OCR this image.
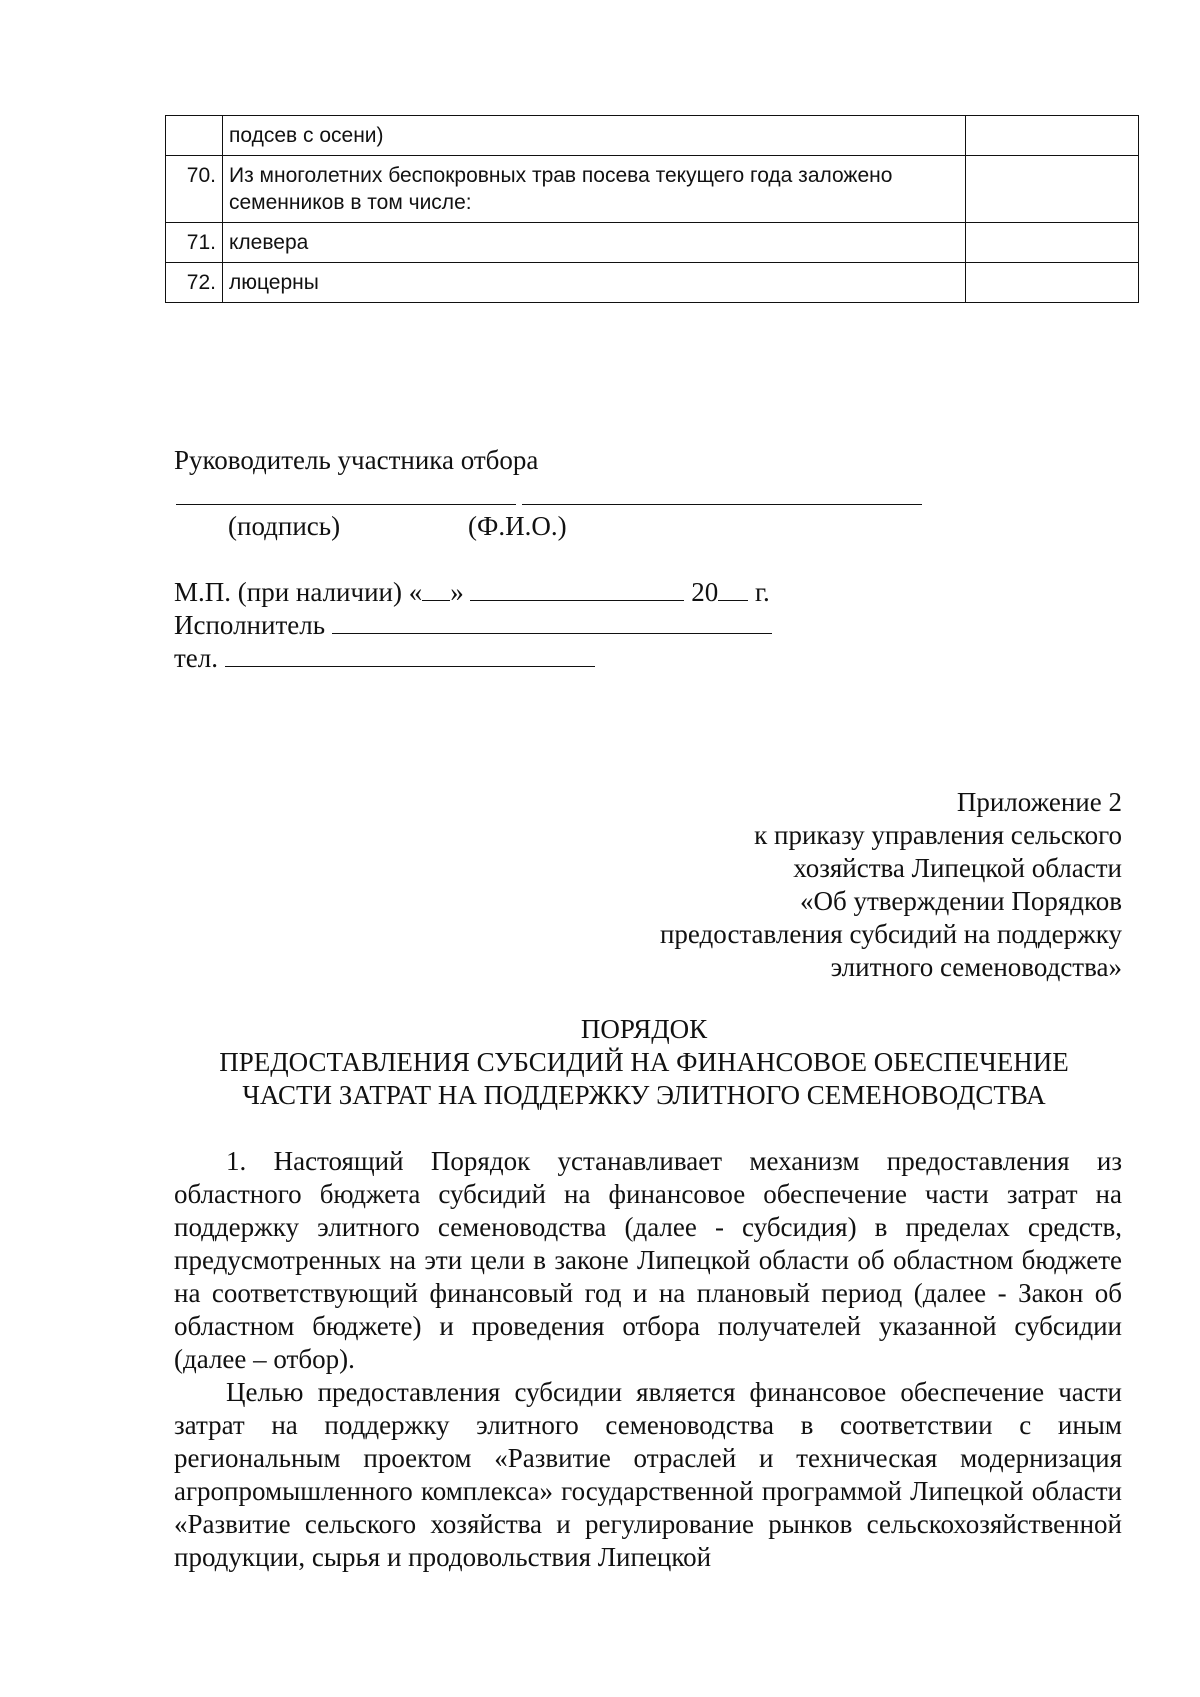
	подсев с осени)	
70.	Из многолетних беспокровных трав посева текущего года заложено семенников в том числе:	
71.	клевера	
72.	люцерны	
Руководитель участника отбора
(подпись)	(Ф.И.О.)
М.П. (при наличии) « »	20 г.
Исполнитель
тел.
Приложение 2
к приказу управления сельского
хозяйства Липецкой области
«Об утверждении Порядков
предоставления субсидий на поддержку
элитного семеноводства»
ПОРЯДОК
ПРЕДОСТАВЛЕНИЯ СУБСИДИЙ НА ФИНАНСОВОЕ ОБЕСПЕЧЕНИЕ
ЧАСТИ ЗАТРАТ НА ПОДДЕРЖКУ ЭЛИТНОГО СЕМЕНОВОДСТВА

1. Настоящий Порядок устанавливает механизм предоставления из областного бюджета субсидий на финансовое обеспечение части затрат на поддержку элитного семеноводства (далее - субсидия) в пределах средств, предусмотренных на эти цели в законе Липецкой области об областном бюджете на соответствующий финансовый год и на плановый период (далее - Закон об областном бюджете) и проведения отбора получателей указанной субсидии (далее – отбор).

Целью предоставления субсидии является финансовое обеспечение части затрат на поддержку элитного семеноводства в соответствии с иным региональным проектом «Развитие отраслей и техническая модернизация агропромышленного комплекса» государственной программой Липецкой области «Развитие сельского хозяйства и регулирование рынков сельскохозяйственной продукции, сырья и продовольствия Липецкой
